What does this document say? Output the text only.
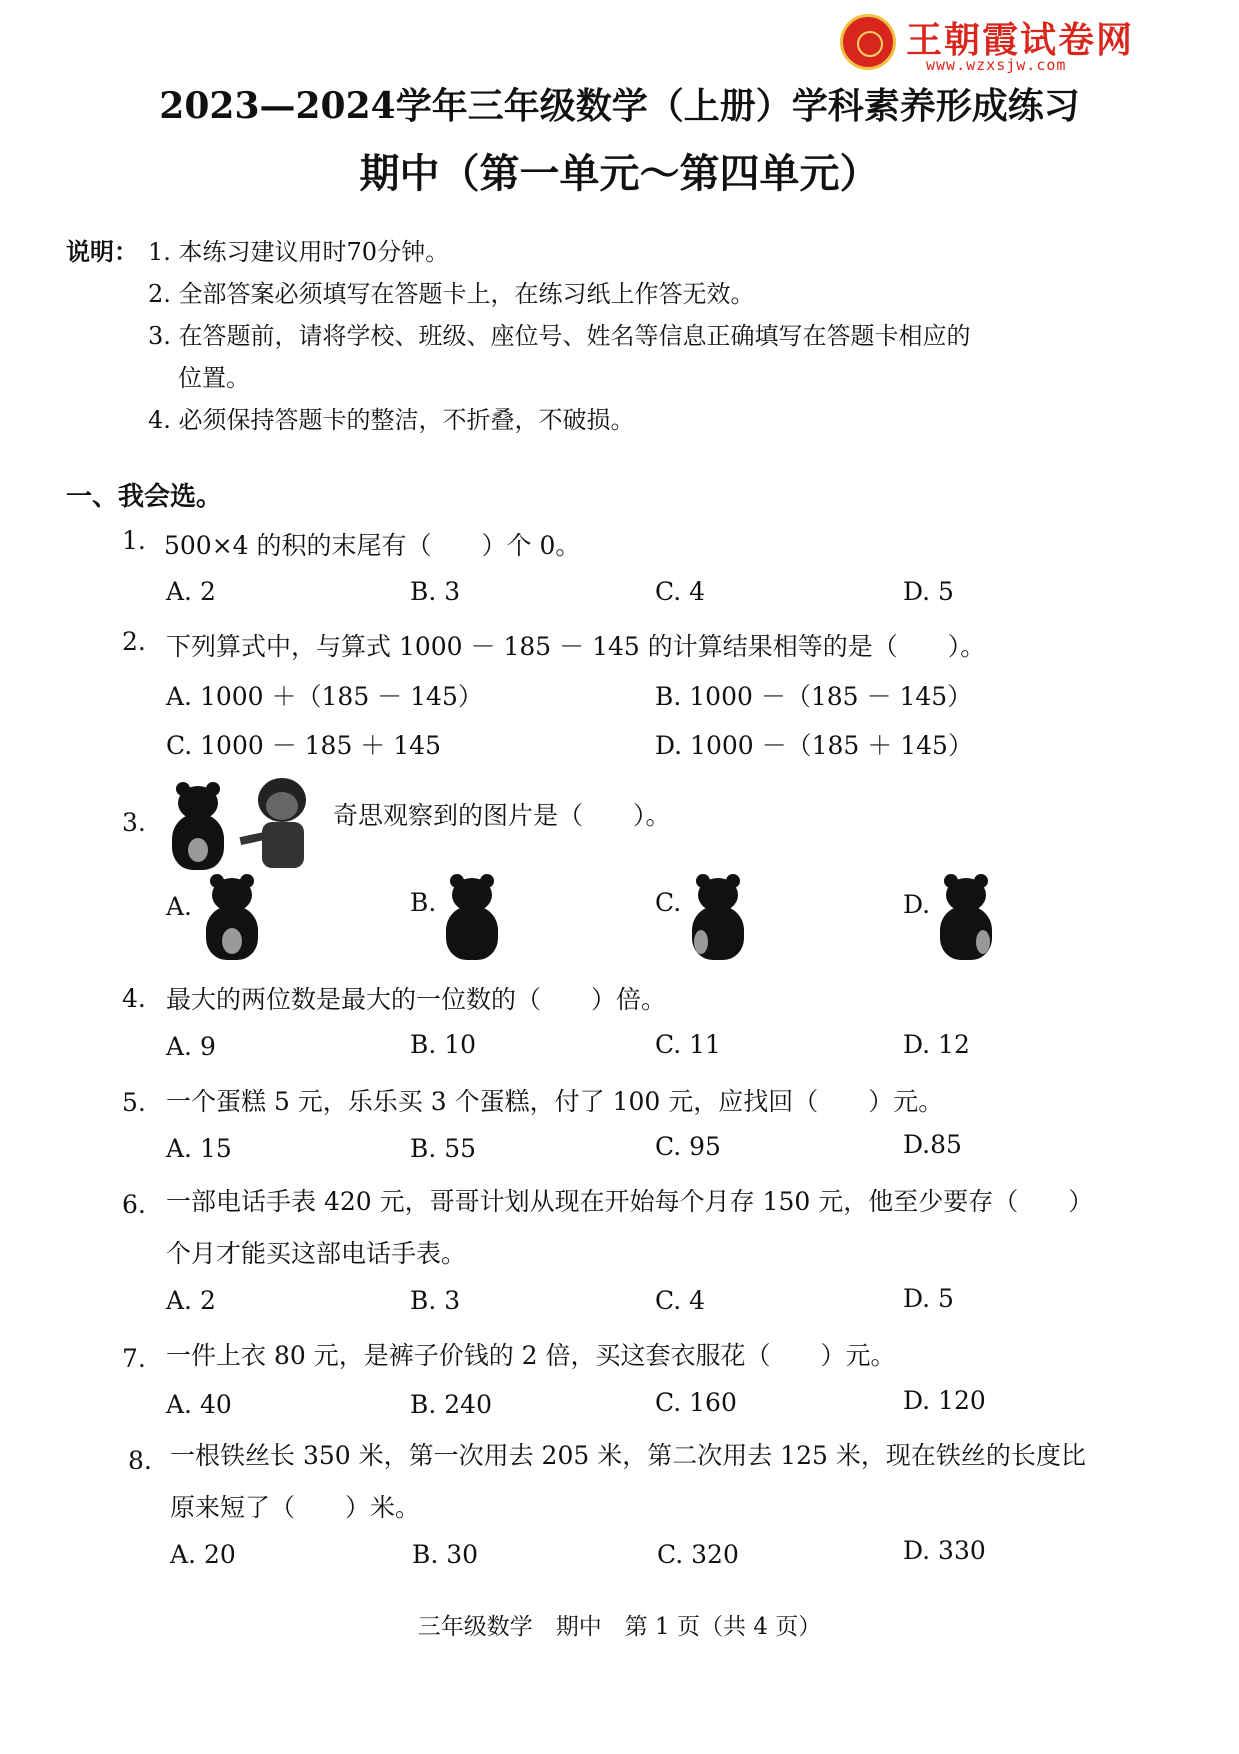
王朝霞试卷网
www.wzxsjw.com
2023—2024学年三年级数学（上册）学科素养形成练习
期中（第一单元～第四单元）
说明： 1. 本练习建议用时70分钟。
2. 全部答案必须填写在答题卡上，在练习纸上作答无效。
3. 在答题前，请将学校、班级、座位号、姓名等信息正确填写在答题卡相应的
位置。
4. 必须保持答题卡的整洁，不折叠，不破损。
一、我会选。
1. 500×4 的积的末尾有（　　）个 0。
A. 2	B. 3	C. 4	D. 5
2. 下列算式中，与算式 1000 － 185 － 145 的计算结果相等的是（　　）。
A. 1000 ＋（185 － 145）	B. 1000 －（185 － 145）
C. 1000 － 185 ＋ 145	D. 1000 －（185 ＋ 145）
3.	奇思观察到的图片是（　　）。
A.	B.	C.	D.
4. 最大的两位数是最大的一位数的（　　）倍。
A. 9	B. 10	C. 11	D. 12
5. 一个蛋糕 5 元，乐乐买 3 个蛋糕，付了 100 元，应找回（　　）元。
A. 15	B. 55	C. 95	D.85
6. 一部电话手表 420 元，哥哥计划从现在开始每个月存 150 元，他至少要存（　　）
个月才能买这部电话手表。
A. 2	B. 3	C. 4	D. 5
7. 一件上衣 80 元，是裤子价钱的 2 倍，买这套衣服花（　　）元。
A. 40	B. 240	C. 160	D. 120
8. 一根铁丝长 350 米，第一次用去 205 米，第二次用去 125 米，现在铁丝的长度比
原来短了（　　）米。
A. 20	B. 30	C. 320	D. 330
三年级数学　期中　第 1 页（共 4 页）
